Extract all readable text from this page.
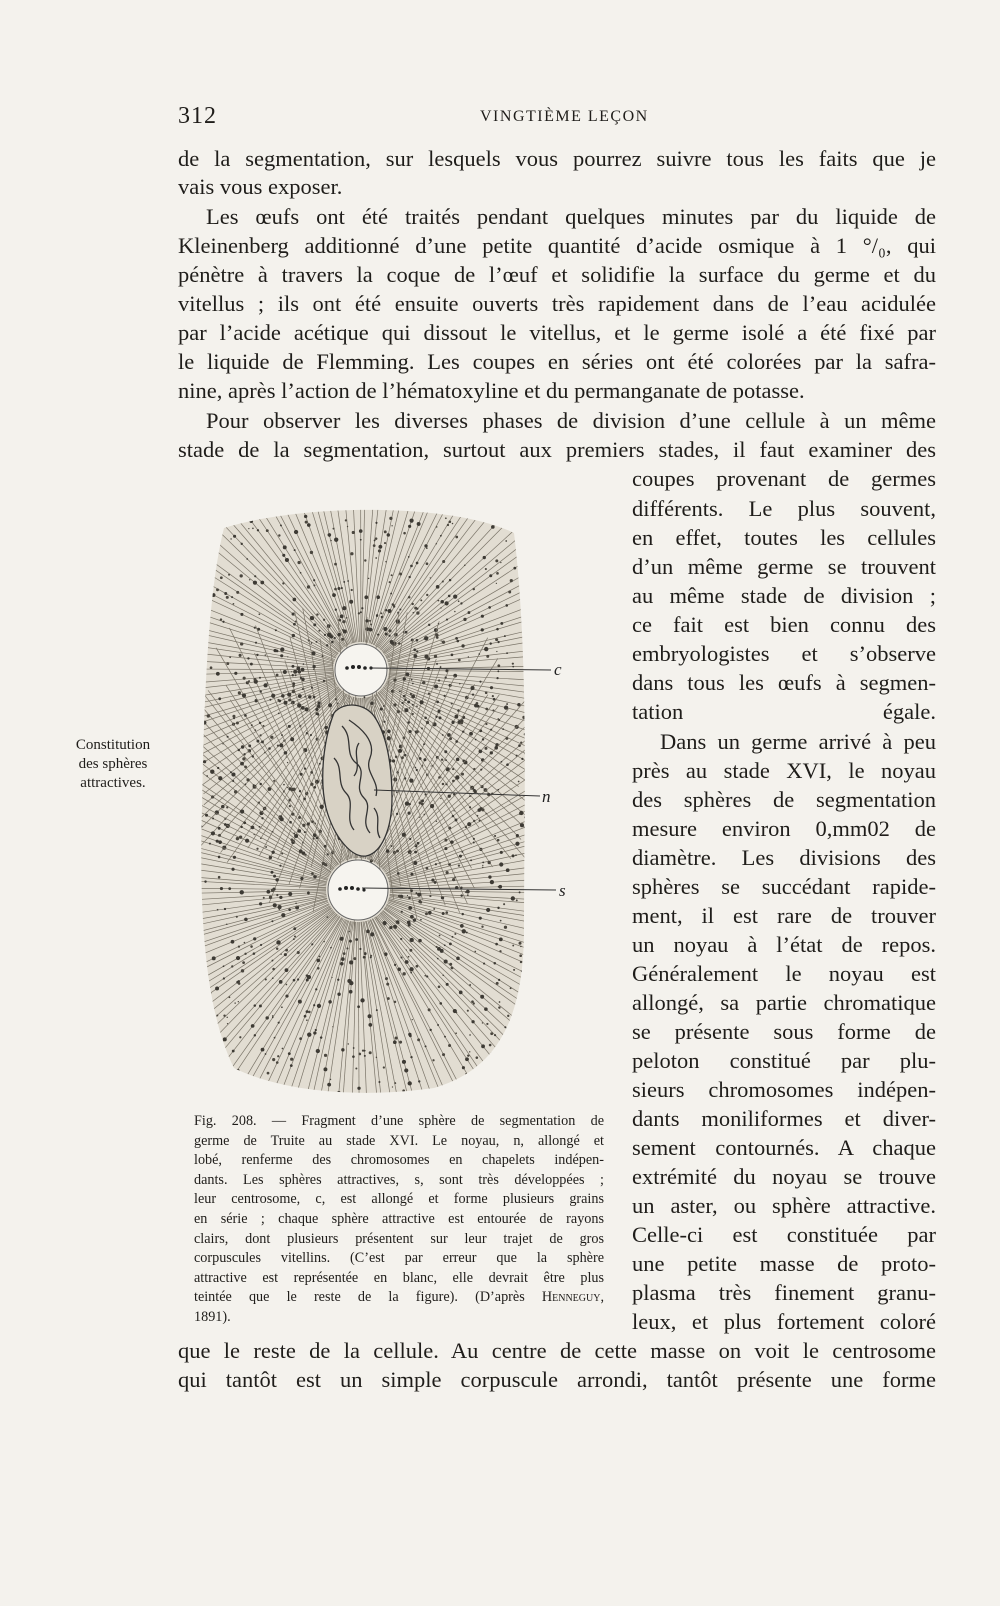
312	VINGTIÈME LEÇON
de la segmentation, sur lesquels vous pourrez suivre tous les faits que je
vais vous exposer.
Les œufs ont été traités pendant quelques minutes par du liquide de
Kleinenberg additionné d’une petite quantité d’acide osmique à 1 °/₀, qui
pénètre à travers la coque de l’œuf et solidifie la surface du germe et du
vitellus ; ils ont été ensuite ouverts très rapidement dans de l’eau acidulée
par l’acide acétique qui dissout le vitellus, et le germe isolé a été fixé par
le liquide de Flemming. Les coupes en séries ont été colorées par la safra-
nine, après l’action de l’hématoxyline et du permanganate de potasse.
Pour observer les diverses phases de division d’une cellule à un même
stade de la segmentation, surtout aux premiers stades, il faut examiner des
coupes provenant de germes
différents. Le plus souvent,
en effet, toutes les cellules
d’un même germe se trouvent
au même stade de division ;
ce fait est bien connu des
embryologistes et s’observe
dans tous les œufs à segmen-
tation égale.
Dans un germe arrivé à peu
près au stade XVI, le noyau
des sphères de segmentation
mesure environ 0,mm02 de
diamètre. Les divisions des
sphères se succédant rapide-
ment, il est rare de trouver
un noyau à l’état de repos.
Généralement le noyau est
allongé, sa partie chromatique
se présente sous forme de
peloton constitué par plu-
sieurs chromosomes indépen-
dants moniliformes et diver-
sement contournés. A chaque
extrémité du noyau se trouve
un aster, ou sphère attractive.
Celle-ci est constituée par
une petite masse de proto-
plasma très finement granu-
leux, et plus fortement coloré
que le reste de la cellule. Au centre de cette masse on voit le centrosome
qui tantôt est un simple corpuscule arrondi, tantôt présente une forme
Constitution
des sphères
attractives.
c
n
s
Fig. 208. — Fragment d’une sphère de segmentation de
germe de Truite au stade XVI. Le noyau, n, allongé et
lobé, renferme des chromosomes en chapelets indépen-
dants. Les sphères attractives, s, sont très développées ;
leur centrosome, c, est allongé et forme plusieurs grains
en série ; chaque sphère attractive est entourée de rayons
clairs, dont plusieurs présentent sur leur trajet de gros
corpuscules vitellins. (C’est par erreur que la sphère
attractive est représentée en blanc, elle devrait être plus
teintée que le reste de la figure). (D’après Henneguy,
1891).
